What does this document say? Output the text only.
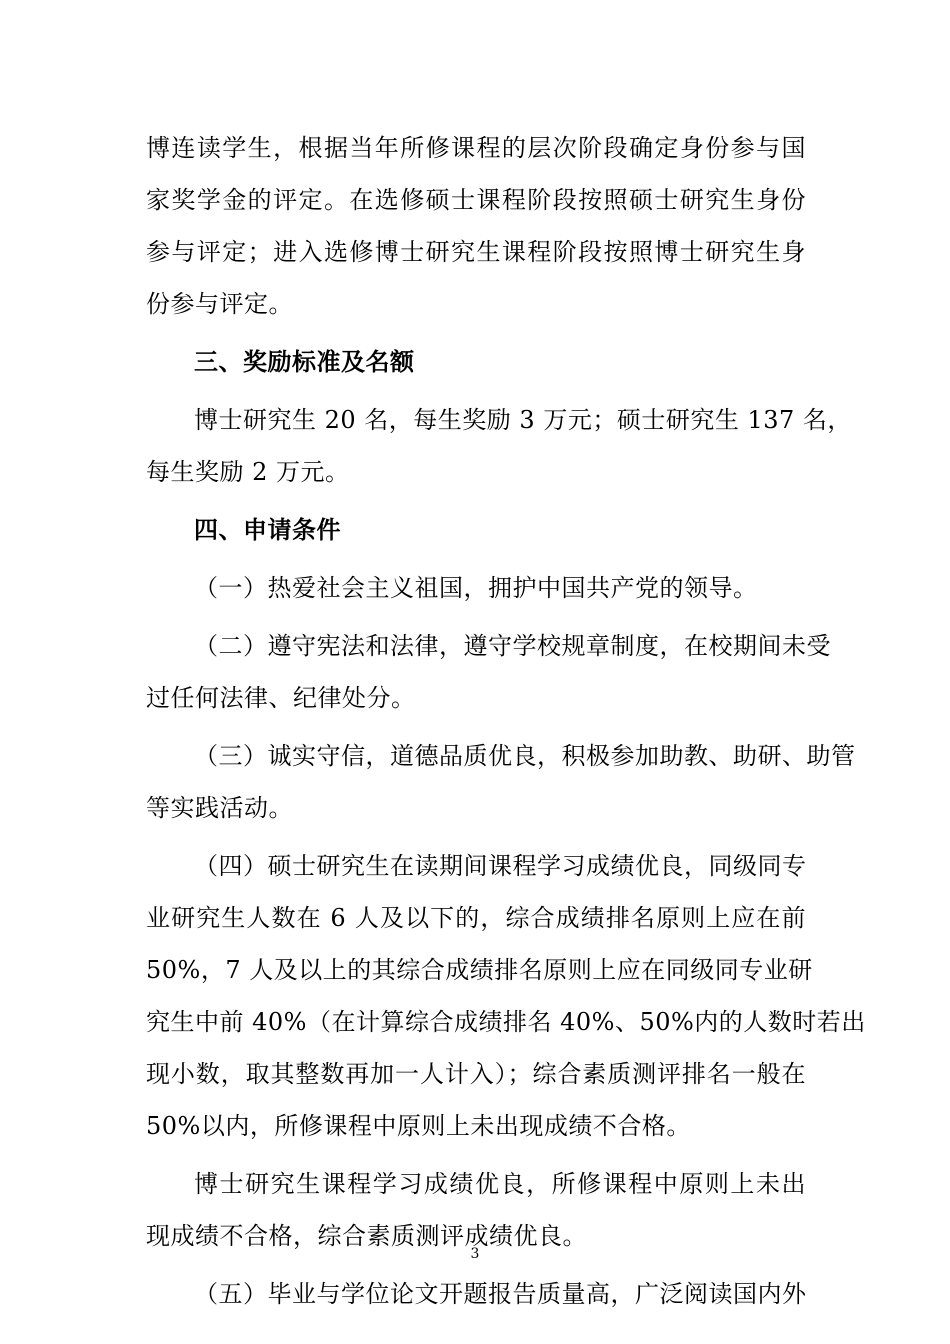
博连读学生，根据当年所修课程的层次阶段确定身份参与国
家奖学金的评定。在选修硕士课程阶段按照硕士研究生身份
参与评定；进入选修博士研究生课程阶段按照博士研究生身
份参与评定。
三、奖励标准及名额
博士研究生 20 名，每生奖励 3 万元；硕士研究生 137 名，
每生奖励 2 万元。
四、申请条件
（一）热爱社会主义祖国，拥护中国共产党的领导。
（二）遵守宪法和法律，遵守学校规章制度，在校期间未受
过任何法律、纪律处分。
（三）诚实守信，道德品质优良，积极参加助教、助研、助管
等实践活动。
（四）硕士研究生在读期间课程学习成绩优良，同级同专
业研究生人数在 6 人及以下的，综合成绩排名原则上应在前
50%，7 人及以上的其综合成绩排名原则上应在同级同专业研
究生中前 40%（在计算综合成绩排名 40%、50%内的人数时若出
现小数，取其整数再加一人计入）；综合素质测评排名一般在
50%以内，所修课程中原则上未出现成绩不合格。
博士研究生课程学习成绩优良，所修课程中原则上未出
现成绩不合格，综合素质测评成绩优良。
（五）毕业与学位论文开题报告质量高，广泛阅读国内外
3
